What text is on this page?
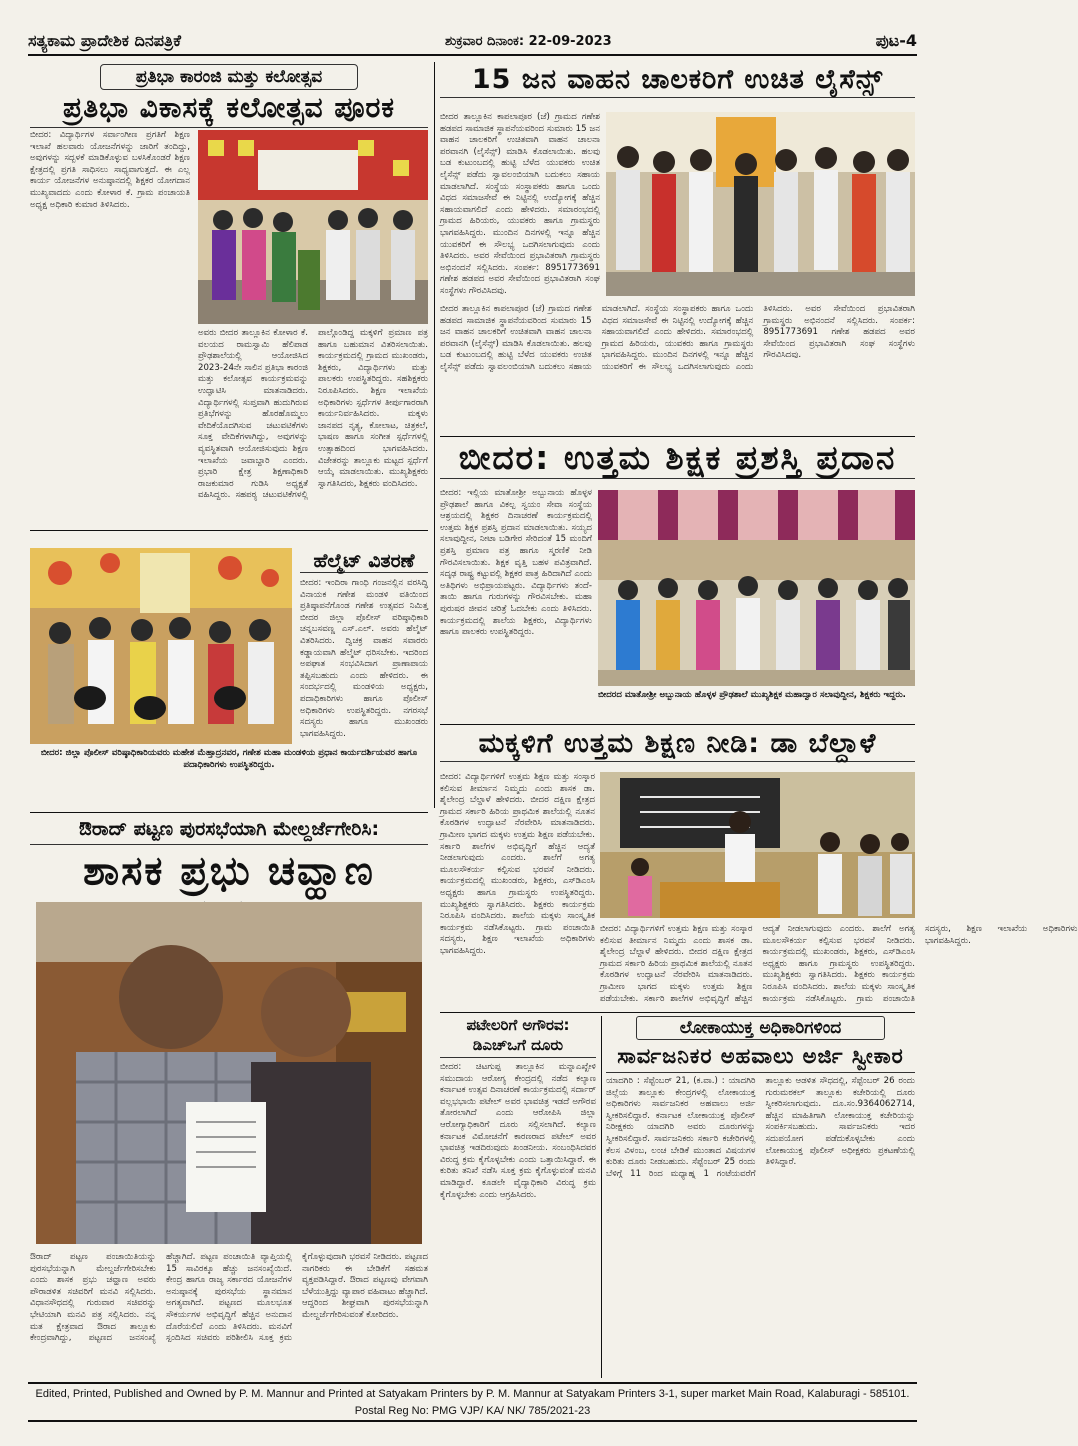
ಸತ್ಯಕಾಮ ಪ್ರಾದೇಶಿಕ ದಿನಪತ್ರಿಕೆ	ಶುಕ್ರವಾರ ದಿನಾಂಕ: 22-09-2023	ಪುಟ-4
ಪ್ರತಿಭಾ ಕಾರಂಜಿ ಮತ್ತು ಕಲೋತ್ಸವ
ಪ್ರತಿಭಾ ವಿಕಾಸಕ್ಕೆ ಕಲೋತ್ಸವ ಪೂರಕ
ಬೀದರ: ವಿದ್ಯಾರ್ಥಿಗಳ ಸರ್ವಾಂಗೀಣ ಪ್ರಗತಿಗೆ ಶಿಕ್ಷಣ ಇಲಾಖೆ ಹಲವಾರು ಯೋಜನೆಗಳನ್ನು ಜಾರಿಗೆ ತಂದಿದ್ದು, ಅವುಗಳನ್ನು ಸದ್ಬಳಕೆ ಮಾಡಿಕೊಳ್ಳುವ ಬಳಸಿಕೊಂಡರೆ ಶಿಕ್ಷಣ ಕ್ಷೇತ್ರದಲ್ಲಿ ಪ್ರಗತಿ ಸಾಧಿಸಲು ಸಾಧ್ಯವಾಗುತ್ತದೆ. ಈ ಎಲ್ಲ ಕಾರ್ಯ ಯೋಜನೆಗಳ ಅನುಷ್ಠಾನದಲ್ಲಿ ಶಿಕ್ಷಕರ ಯೋಗದಾನ ಮುಖ್ಯವಾದದು ಎಂದು ಕೋಳಾರ ಕೆ. ಗ್ರಾಮ ಪಂಚಾಯತಿ ಅಧ್ಯಕ್ಷ ಅಧಿಕಾರಿ ಕುಮಾರ ತಿಳಿಸಿದರು.
ಅವರು ಬೀದರ ತಾಲ್ಲೂಕಿನ ಕೋಳಾರ ಕೆ. ವಲಯದ ರಾಮಸ್ವಾಮಿ ಹೆಲಿಪಾಡ ಪ್ರೌಢಶಾಲೆಯಲ್ಲಿ ಆಯೋಜಿಸಿದ 2023-24ನೇ ಸಾಲಿನ ಪ್ರತಿಭಾ ಕಾರಂಜಿ ಮತ್ತು ಕಲೋತ್ಸವ ಕಾರ್ಯಕ್ರಮವನ್ನು ಉದ್ಘಾಟಿಸಿ ಮಾತನಾಡಿದರು. ವಿದ್ಯಾರ್ಥಿಗಳಲ್ಲಿ ಸುಪ್ತವಾಗಿ ಹುದುಗಿರುವ ಪ್ರತಿಭೆಗಳನ್ನು ಹೊರಹೊಮ್ಮಲು ವೇದಿಕೆಯೊದಗಿಸುವ ಚಟುವಟಿಕೆಗಳು ಸೂಕ್ತ ವೇದಿಕೆಗಳಾಗಿದ್ದು, ಅವುಗಳನ್ನು ವ್ಯವಸ್ಥಿತವಾಗಿ ಆಯೋಜಿಸುವುದು ಶಿಕ್ಷಣ ಇಲಾಖೆಯ ಜವಾಬ್ದಾರಿ ಎಂದರು. ಪ್ರಭಾರಿ ಕ್ಷೇತ್ರ ಶಿಕ್ಷಣಾಧಿಕಾರಿ ರಾಜಕುಮಾರ ಗುಡಿಸಿ ಅಧ್ಯಕ್ಷತೆ ವಹಿಸಿದ್ದರು. ಸಹಪಠ್ಯ ಚಟುವಟಿಕೆಗಳಲ್ಲಿ ಪಾಲ್ಗೊಂಡಿದ್ದ ಮಕ್ಕಳಿಗೆ ಪ್ರಮಾಣ ಪತ್ರ ಹಾಗೂ ಬಹುಮಾನ ವಿತರಿಸಲಾಯಿತು. ಕಾರ್ಯಕ್ರಮದಲ್ಲಿ ಗ್ರಾಮದ ಮುಖಂಡರು, ಶಿಕ್ಷಕರು, ವಿದ್ಯಾರ್ಥಿಗಳು ಮತ್ತು ಪಾಲಕರು ಉಪಸ್ಥಿತರಿದ್ದರು. ಸಹಶಿಕ್ಷಕರು ನಿರೂಪಿಸಿದರು. ಶಿಕ್ಷಣ ಇಲಾಖೆಯ ಅಧಿಕಾರಿಗಳು ಸ್ಪರ್ಧೆಗಳ ತೀರ್ಪುಗಾರರಾಗಿ ಕಾರ್ಯನಿರ್ವಹಿಸಿದರು. ಮಕ್ಕಳು ಜಾನಪದ ನೃತ್ಯ, ಕೋಲಾಟ, ಚಿತ್ರಕಲೆ, ಭಾಷಣ ಹಾಗೂ ಸಂಗೀತ ಸ್ಪರ್ಧೆಗಳಲ್ಲಿ ಉತ್ಸಾಹದಿಂದ ಭಾಗವಹಿಸಿದರು. ವಿಜೇತರನ್ನು ತಾಲ್ಲೂಕು ಮಟ್ಟದ ಸ್ಪರ್ಧೆಗೆ ಆಯ್ಕೆ ಮಾಡಲಾಯಿತು. ಮುಖ್ಯಶಿಕ್ಷಕರು ಸ್ವಾಗತಿಸಿದರು, ಶಿಕ್ಷಕರು ವಂದಿಸಿದರು.
ಹೆಲ್ಮೆಟ್ ವಿತರಣೆ
ಬೀದರ: ಇಂದಿರಾ ಗಾಂಧಿ ಗಂಜನಲ್ಲಿನ ವರಸಿದ್ಧಿ ವಿನಾಯಕ ಗಣೇಶ ಮಂಡಳಿ ವತಿಯಿಂದ ಪ್ರತಿಷ್ಠಾಪನೆಗೊಂಡ ಗಣೇಶ ಉತ್ಸವದ ನಿಮಿತ್ತ ಬೀದರ ಜಿಲ್ಲಾ ಪೊಲೀಸ್ ವರಿಷ್ಠಾಧಿಕಾರಿ ಚನ್ನಬಸವಣ್ಣ ಎಸ್.ಎಲ್. ಅವರು ಹೆಲ್ಮೆಟ್ ವಿತರಿಸಿದರು. ದ್ವಿಚಕ್ರ ವಾಹನ ಸವಾರರು ಕಡ್ಡಾಯವಾಗಿ ಹೆಲ್ಮೆಟ್ ಧರಿಸಬೇಕು. ಇದರಿಂದ ಅಪಘಾತ ಸಂಭವಿಸಿದಾಗ ಪ್ರಾಣಾಪಾಯ ತಪ್ಪಿಸಬಹುದು ಎಂದು ಹೇಳಿದರು. ಈ ಸಂದರ್ಭದಲ್ಲಿ ಮಂಡಳಿಯ ಅಧ್ಯಕ್ಷರು, ಪದಾಧಿಕಾರಿಗಳು ಹಾಗೂ ಪೊಲೀಸ್ ಅಧಿಕಾರಿಗಳು ಉಪಸ್ಥಿತರಿದ್ದರು. ನಗರಸಭೆ ಸದಸ್ಯರು ಹಾಗೂ ಮುಖಂಡರು ಭಾಗವಹಿಸಿದ್ದರು.
ಬೀದರ: ಜಿಲ್ಲಾ ಪೊಲೀಸ್ ವರಿಷ್ಠಾಧಿಕಾರಿಯವರು ಮಹೇಶ ಮೆಹ್ತಾದ್ರನವರ, ಗಣೇಶ ಮಹಾ ಮಂಡಳಿಯ ಪ್ರಧಾನ ಕಾರ್ಯದರ್ಶಿಯವರ ಹಾಗೂ ಪದಾಧಿಕಾರಿಗಳು ಉಪಸ್ಥಿತರಿದ್ದರು.
ಔರಾದ್ ಪಟ್ಟಣ ಪುರಸಭೆಯಾಗಿ ಮೇಲ್ದರ್ಜೆಗೇರಿಸಿ:
ಶಾಸಕ ಪ್ರಭು ಚವ್ಹಾಣ
ಔರಾದ್ ಪಟ್ಟಣ ಪಂಚಾಯಿತಿಯನ್ನು ಪುರಸಭೆಯನ್ನಾಗಿ ಮೇಲ್ದರ್ಜೆಗೇರಿಸಬೇಕು ಎಂದು ಶಾಸಕ ಪ್ರಭು ಚವ್ಹಾಣ ಅವರು ಪೌರಾಡಳಿತ ಸಚಿವರಿಗೆ ಮನವಿ ಸಲ್ಲಿಸಿದರು. ವಿಧಾನಸೌಧದಲ್ಲಿ ಗುರುವಾರ ಸಚಿವರನ್ನು ಭೇಟಿಯಾಗಿ ಮನವಿ ಪತ್ರ ಸಲ್ಲಿಸಿದರು. ನನ್ನ ಮತ ಕ್ಷೇತ್ರವಾದ ಔರಾದ ತಾಲ್ಲೂಕು ಕೇಂದ್ರವಾಗಿದ್ದು, ಪಟ್ಟಣದ ಜನಸಂಖ್ಯೆ ಹೆಚ್ಚಾಗಿದೆ. ಪಟ್ಟಣ ಪಂಚಾಯಿತಿ ವ್ಯಾಪ್ತಿಯಲ್ಲಿ 15 ಸಾವಿರಕ್ಕೂ ಹೆಚ್ಚು ಜನಸಂಖ್ಯೆಯಿದೆ. ಕೇಂದ್ರ ಹಾಗೂ ರಾಜ್ಯ ಸರ್ಕಾರದ ಯೋಜನೆಗಳ ಅನುಷ್ಠಾನಕ್ಕೆ ಪುರಸಭೆಯ ಸ್ಥಾನಮಾನ ಅಗತ್ಯವಾಗಿದೆ. ಪಟ್ಟಣದ ಮೂಲಭೂತ ಸೌಕರ್ಯಗಳ ಅಭಿವೃದ್ಧಿಗೆ ಹೆಚ್ಚಿನ ಅನುದಾನ ದೊರೆಯಲಿದೆ ಎಂದು ತಿಳಿಸಿದರು. ಮನವಿಗೆ ಸ್ಪಂದಿಸಿದ ಸಚಿವರು ಪರಿಶೀಲಿಸಿ ಸೂಕ್ತ ಕ್ರಮ ಕೈಗೊಳ್ಳುವುದಾಗಿ ಭರವಸೆ ನೀಡಿದರು. ಪಟ್ಟಣದ ನಾಗರಿಕರು ಈ ಬೇಡಿಕೆಗೆ ಸಹಮತ ವ್ಯಕ್ತಪಡಿಸಿದ್ದಾರೆ. ಔರಾದ ಪಟ್ಟಣವು ವೇಗವಾಗಿ ಬೆಳೆಯುತ್ತಿದ್ದು ವ್ಯಾಪಾರ ವಹಿವಾಟು ಹೆಚ್ಚಾಗಿದೆ. ಆದ್ದರಿಂದ ಶೀಘ್ರವಾಗಿ ಪುರಸಭೆಯನ್ನಾಗಿ ಮೇಲ್ದರ್ಜೆಗೇರಿಸುವಂತೆ ಕೋರಿದರು.
15 ಜನ ವಾಹನ ಚಾಲಕರಿಗೆ ಉಚಿತ ಲೈಸೆನ್ಸ್
ಬೀದರ ತಾಲ್ಲೂಕಿನ ಕಾಪಲಾಪೂರ (ಜೆ) ಗ್ರಾಮದ ಗಣೇಶ ಹಡಪದ ಸಾಮಾಜಿಕ ಸ್ಥಾಪನೆಯವರಿಂದ ಸುಮಾರು 15 ಜನ ವಾಹನ ಚಾಲಕರಿಗೆ ಉಚಿತವಾಗಿ ವಾಹನ ಚಾಲನಾ ಪರವಾನಗಿ (ಲೈಸೆನ್ಸ್) ಮಾಡಿಸಿ ಕೊಡಲಾಯಿತು. ಹಲವು ಬಡ ಕುಟುಂಬದಲ್ಲಿ ಹುಟ್ಟಿ ಬೆಳೆದ ಯುವಕರು ಉಚಿತ ಲೈಸೆನ್ಸ್ ಪಡೆದು ಸ್ವಾವಲಂಬಿಯಾಗಿ ಬದುಕಲು ಸಹಾಯ ಮಾಡಲಾಗಿದೆ. ಸಂಸ್ಥೆಯ ಸಂಸ್ಥಾಪಕರು ಹಾಗೂ ಒಂದು ವಿಧದ ಸಮಾಜಸೇವೆ ಈ ನಿಟ್ಟಿನಲ್ಲಿ ಉದ್ಯೋಗಕ್ಕೆ ಹೆಚ್ಚಿನ ಸಹಾಯವಾಗಲಿದೆ ಎಂದು ಹೇಳಿದರು. ಸಮಾರಂಭದಲ್ಲಿ ಗ್ರಾಮದ ಹಿರಿಯರು, ಯುವಕರು ಹಾಗೂ ಗ್ರಾಮಸ್ಥರು ಭಾಗವಹಿಸಿದ್ದರು. ಮುಂದಿನ ದಿನಗಳಲ್ಲಿ ಇನ್ನೂ ಹೆಚ್ಚಿನ ಯುವಕರಿಗೆ ಈ ಸೌಲಭ್ಯ ಒದಗಿಸಲಾಗುವುದು ಎಂದು ತಿಳಿಸಿದರು. ಅವರ ಸೇವೆಯಿಂದ ಪ್ರಭಾವಿತರಾಗಿ ಗ್ರಾಮಸ್ಥರು ಅಭಿನಂದನೆ ಸಲ್ಲಿಸಿದರು. ಸಂಪರ್ಕ: 8951773691 ಗಣೇಶ ಹಡಪದ ಅವರ ಸೇವೆಯಿಂದ ಪ್ರಭಾವಿತರಾಗಿ ಸಂಘ ಸಂಸ್ಥೆಗಳು ಗೌರವಿಸಿದವು.
ಬೀದರ ತಾಲ್ಲೂಕಿನ ಕಾಪಲಾಪೂರ (ಜೆ) ಗ್ರಾಮದ ಗಣೇಶ ಹಡಪದ ಸಾಮಾಜಿಕ ಸ್ಥಾಪನೆಯವರಿಂದ ಸುಮಾರು 15 ಜನ ವಾಹನ ಚಾಲಕರಿಗೆ ಉಚಿತವಾಗಿ ವಾಹನ ಚಾಲನಾ ಪರವಾನಗಿ (ಲೈಸೆನ್ಸ್) ಮಾಡಿಸಿ ಕೊಡಲಾಯಿತು. ಹಲವು ಬಡ ಕುಟುಂಬದಲ್ಲಿ ಹುಟ್ಟಿ ಬೆಳೆದ ಯುವಕರು ಉಚಿತ ಲೈಸೆನ್ಸ್ ಪಡೆದು ಸ್ವಾವಲಂಬಿಯಾಗಿ ಬದುಕಲು ಸಹಾಯ ಮಾಡಲಾಗಿದೆ. ಸಂಸ್ಥೆಯ ಸಂಸ್ಥಾಪಕರು ಹಾಗೂ ಒಂದು ವಿಧದ ಸಮಾಜಸೇವೆ ಈ ನಿಟ್ಟಿನಲ್ಲಿ ಉದ್ಯೋಗಕ್ಕೆ ಹೆಚ್ಚಿನ ಸಹಾಯವಾಗಲಿದೆ ಎಂದು ಹೇಳಿದರು. ಸಮಾರಂಭದಲ್ಲಿ ಗ್ರಾಮದ ಹಿರಿಯರು, ಯುವಕರು ಹಾಗೂ ಗ್ರಾಮಸ್ಥರು ಭಾಗವಹಿಸಿದ್ದರು. ಮುಂದಿನ ದಿನಗಳಲ್ಲಿ ಇನ್ನೂ ಹೆಚ್ಚಿನ ಯುವಕರಿಗೆ ಈ ಸೌಲಭ್ಯ ಒದಗಿಸಲಾಗುವುದು ಎಂದು ತಿಳಿಸಿದರು. ಅವರ ಸೇವೆಯಿಂದ ಪ್ರಭಾವಿತರಾಗಿ ಗ್ರಾಮಸ್ಥರು ಅಭಿನಂದನೆ ಸಲ್ಲಿಸಿದರು. ಸಂಪರ್ಕ: 8951773691 ಗಣೇಶ ಹಡಪದ ಅವರ ಸೇವೆಯಿಂದ ಪ್ರಭಾವಿತರಾಗಿ ಸಂಘ ಸಂಸ್ಥೆಗಳು ಗೌರವಿಸಿದವು.
ಬೀದರ: ಉತ್ತಮ ಶಿಕ್ಷಕ ಪ್ರಶಸ್ತಿ ಪ್ರದಾನ
ಬೀದರ: ಇಲ್ಲಿಯ ಮಾತೋಶ್ರೀ ಅಬ್ಬುನಾಯ ಹೊಳ್ಳಳ ಪ್ರೌಢಶಾಲೆ ಹಾಗೂ ವಿಕಲ್ಪ ಸ್ವಯಂ ಸೇವಾ ಸಂಸ್ಥೆಯ ಆಶ್ರಯದಲ್ಲಿ ಶಿಕ್ಷಕರ ದಿನಾಚರಣೆ ಕಾರ್ಯಕ್ರಮದಲ್ಲಿ ಉತ್ತಮ ಶಿಕ್ಷಕ ಪ್ರಶಸ್ತಿ ಪ್ರದಾನ ಮಾಡಲಾಯಿತು. ಸಯ್ಯದ ಸಲಾವುದ್ದೀನ, ನೀಟಾ ಬಡಿಗೇರ ಸೇರಿದಂತೆ 15 ಮಂದಿಗೆ ಪ್ರಶಸ್ತಿ ಪ್ರಮಾಣ ಪತ್ರ ಹಾಗೂ ಸ್ಮರಣಿಕೆ ನೀಡಿ ಗೌರವಿಸಲಾಯಿತು. ಶಿಕ್ಷಕ ವೃತ್ತಿ ಬಹಳ ಪವಿತ್ರವಾಗಿದೆ. ಸದೃಢ ರಾಷ್ಟ್ರ ಕಟ್ಟುವಲ್ಲಿ ಶಿಕ್ಷಕರ ಪಾತ್ರ ಹಿರಿದಾಗಿದೆ ಎಂದು ಅತಿಥಿಗಳು ಅಭಿಪ್ರಾಯಪಟ್ಟರು. ವಿದ್ಯಾರ್ಥಿಗಳು ತಂದೆ-ತಾಯಿ ಹಾಗೂ ಗುರುಗಳನ್ನು ಗೌರವಿಸಬೇಕು. ಮಹಾ ಪುರುಷರ ಜೀವನ ಚರಿತ್ರೆ ಓದಬೇಕು ಎಂದು ತಿಳಿಸಿದರು. ಕಾರ್ಯಕ್ರಮದಲ್ಲಿ ಶಾಲೆಯ ಶಿಕ್ಷಕರು, ವಿದ್ಯಾರ್ಥಿಗಳು ಹಾಗೂ ಪಾಲಕರು ಉಪಸ್ಥಿತರಿದ್ದರು.
ಬೀದರದ ಮಾತೋಶ್ರೀ ಅಬ್ಬುನಾಯ ಹೊಳ್ಳಳ ಪ್ರೌಢಶಾಲೆ ಮುಖ್ಯಶಿಕ್ಷಕ ಮಹಾದ್ವಾರ ಸಲಾವುದ್ದೀನ, ಶಿಕ್ಷಕರು ಇದ್ದರು.
ಮಕ್ಕಳಿಗೆ ಉತ್ತಮ ಶಿಕ್ಷಣ ನೀಡಿ: ಡಾ ಬೆಲ್ದಾಳೆ
ಬೀದರ: ವಿದ್ಯಾರ್ಥಿಗಳಿಗೆ ಉತ್ತಮ ಶಿಕ್ಷಣ ಮತ್ತು ಸಂಸ್ಕಾರ ಕಲಿಸುವ ತೀರ್ಮಾನ ನಿಮ್ಮದು ಎಂದು ಶಾಸಕ ಡಾ. ಶೈಲೇಂದ್ರ ಬೆಲ್ದಾಳೆ ಹೇಳಿದರು. ಬೀದರ ದಕ್ಷಿಣ ಕ್ಷೇತ್ರದ ಗ್ರಾಮದ ಸರ್ಕಾರಿ ಹಿರಿಯ ಪ್ರಾಥಮಿಕ ಶಾಲೆಯಲ್ಲಿ ನೂತನ ಕೊಠಡಿಗಳ ಉದ್ಘಾಟನೆ ನೆರವೇರಿಸಿ ಮಾತನಾಡಿದರು. ಗ್ರಾಮೀಣ ಭಾಗದ ಮಕ್ಕಳು ಉತ್ತಮ ಶಿಕ್ಷಣ ಪಡೆಯಬೇಕು. ಸರ್ಕಾರಿ ಶಾಲೆಗಳ ಅಭಿವೃದ್ಧಿಗೆ ಹೆಚ್ಚಿನ ಆದ್ಯತೆ ನೀಡಲಾಗುವುದು ಎಂದರು. ಶಾಲೆಗೆ ಅಗತ್ಯ ಮೂಲಸೌಕರ್ಯ ಕಲ್ಪಿಸುವ ಭರವಸೆ ನೀಡಿದರು. ಕಾರ್ಯಕ್ರಮದಲ್ಲಿ ಮುಖಂಡರು, ಶಿಕ್ಷಕರು, ಎಸ್‌ಡಿಎಂಸಿ ಅಧ್ಯಕ್ಷರು ಹಾಗೂ ಗ್ರಾಮಸ್ಥರು ಉಪಸ್ಥಿತರಿದ್ದರು. ಮುಖ್ಯಶಿಕ್ಷಕರು ಸ್ವಾಗತಿಸಿದರು. ಶಿಕ್ಷಕರು ಕಾರ್ಯಕ್ರಮ ನಿರೂಪಿಸಿ ವಂದಿಸಿದರು. ಶಾಲೆಯ ಮಕ್ಕಳು ಸಾಂಸ್ಕೃತಿಕ ಕಾರ್ಯಕ್ರಮ ನಡೆಸಿಕೊಟ್ಟರು. ಗ್ರಾಮ ಪಂಚಾಯಿತಿ ಸದಸ್ಯರು, ಶಿಕ್ಷಣ ಇಲಾಖೆಯ ಅಧಿಕಾರಿಗಳು ಭಾಗವಹಿಸಿದ್ದರು.
ಬೀದರ: ವಿದ್ಯಾರ್ಥಿಗಳಿಗೆ ಉತ್ತಮ ಶಿಕ್ಷಣ ಮತ್ತು ಸಂಸ್ಕಾರ ಕಲಿಸುವ ತೀರ್ಮಾನ ನಿಮ್ಮದು ಎಂದು ಶಾಸಕ ಡಾ. ಶೈಲೇಂದ್ರ ಬೆಲ್ದಾಳೆ ಹೇಳಿದರು. ಬೀದರ ದಕ್ಷಿಣ ಕ್ಷೇತ್ರದ ಗ್ರಾಮದ ಸರ್ಕಾರಿ ಹಿರಿಯ ಪ್ರಾಥಮಿಕ ಶಾಲೆಯಲ್ಲಿ ನೂತನ ಕೊಠಡಿಗಳ ಉದ್ಘಾಟನೆ ನೆರವೇರಿಸಿ ಮಾತನಾಡಿದರು. ಗ್ರಾಮೀಣ ಭಾಗದ ಮಕ್ಕಳು ಉತ್ತಮ ಶಿಕ್ಷಣ ಪಡೆಯಬೇಕು. ಸರ್ಕಾರಿ ಶಾಲೆಗಳ ಅಭಿವೃದ್ಧಿಗೆ ಹೆಚ್ಚಿನ ಆದ್ಯತೆ ನೀಡಲಾಗುವುದು ಎಂದರು. ಶಾಲೆಗೆ ಅಗತ್ಯ ಮೂಲಸೌಕರ್ಯ ಕಲ್ಪಿಸುವ ಭರವಸೆ ನೀಡಿದರು. ಕಾರ್ಯಕ್ರಮದಲ್ಲಿ ಮುಖಂಡರು, ಶಿಕ್ಷಕರು, ಎಸ್‌ಡಿಎಂಸಿ ಅಧ್ಯಕ್ಷರು ಹಾಗೂ ಗ್ರಾಮಸ್ಥರು ಉಪಸ್ಥಿತರಿದ್ದರು. ಮುಖ್ಯಶಿಕ್ಷಕರು ಸ್ವಾಗತಿಸಿದರು. ಶಿಕ್ಷಕರು ಕಾರ್ಯಕ್ರಮ ನಿರೂಪಿಸಿ ವಂದಿಸಿದರು. ಶಾಲೆಯ ಮಕ್ಕಳು ಸಾಂಸ್ಕೃತಿಕ ಕಾರ್ಯಕ್ರಮ ನಡೆಸಿಕೊಟ್ಟರು. ಗ್ರಾಮ ಪಂಚಾಯಿತಿ ಸದಸ್ಯರು, ಶಿಕ್ಷಣ ಇಲಾಖೆಯ ಅಧಿಕಾರಿಗಳು ಭಾಗವಹಿಸಿದ್ದರು.
ಪಟೇಲರಿಗೆ ಅಗೌರವ:
ಡಿಎಚ್‌ಒಗೆ ದೂರು
ಬೀದರ: ಚಿಟಗುಪ್ಪ ತಾಲ್ಲೂಕಿನ ಮನ್ನಾಎಖ್ಖೇಳಿ ಸಮುದಾಯ ಆರೋಗ್ಯ ಕೇಂದ್ರದಲ್ಲಿ ನಡೆದ ಕಲ್ಯಾಣ ಕರ್ನಾಟಕ ಉತ್ಸವ ದಿನಾಚರಣೆ ಕಾರ್ಯಕ್ರಮದಲ್ಲಿ ಸರ್ದಾರ್ ವಲ್ಲಭಭಾಯಿ ಪಟೇಲ್ ಅವರ ಭಾವಚಿತ್ರ ಇಡದೆ ಅಗೌರವ ತೋರಲಾಗಿದೆ ಎಂದು ಆರೋಪಿಸಿ ಜಿಲ್ಲಾ ಆರೋಗ್ಯಾಧಿಕಾರಿಗೆ ದೂರು ಸಲ್ಲಿಸಲಾಗಿದೆ. ಕಲ್ಯಾಣ ಕರ್ನಾಟಕ ವಿಮೋಚನೆಗೆ ಕಾರಣರಾದ ಪಟೇಲ್ ಅವರ ಭಾವಚಿತ್ರ ಇಡದಿರುವುದು ಖಂಡನೀಯ. ಸಂಬಂಧಿಸಿದವರ ವಿರುದ್ಧ ಕ್ರಮ ಕೈಗೊಳ್ಳಬೇಕು ಎಂದು ಒತ್ತಾಯಿಸಿದ್ದಾರೆ. ಈ ಕುರಿತು ತನಿಖೆ ನಡೆಸಿ ಸೂಕ್ತ ಕ್ರಮ ಕೈಗೊಳ್ಳುವಂತೆ ಮನವಿ ಮಾಡಿದ್ದಾರೆ. ಕೂಡಲೇ ವೈದ್ಯಾಧಿಕಾರಿ ವಿರುದ್ಧ ಕ್ರಮ ಕೈಗೊಳ್ಳಬೇಕು ಎಂದು ಆಗ್ರಹಿಸಿದರು.
ಲೋಕಾಯುಕ್ತ ಅಧಿಕಾರಿಗಳಿಂದ
ಸಾರ್ವಜನಿಕರ ಅಹವಾಲು ಅರ್ಜಿ ಸ್ವೀಕಾರ
ಯಾದಗಿರಿ : ಸೆಪ್ಟೆಂಬರ್ 21, (ಕ.ವಾ.) : ಯಾದಗಿರಿ ಜಿಲ್ಲೆಯ ತಾಲ್ಲೂಕು ಕೇಂದ್ರಗಳಲ್ಲಿ ಲೋಕಾಯುಕ್ತ ಅಧಿಕಾರಿಗಳು ಸಾರ್ವಜನಿಕರ ಅಹವಾಲು ಅರ್ಜಿ ಸ್ವೀಕರಿಸಲಿದ್ದಾರೆ. ಕರ್ನಾಟಕ ಲೋಕಾಯುಕ್ತ ಪೊಲೀಸ್ ನಿರೀಕ್ಷಕರು ಯಾದಗಿರಿ ಅವರು ದೂರುಗಳನ್ನು ಸ್ವೀಕರಿಸಲಿದ್ದಾರೆ. ಸಾರ್ವಜನಿಕರು ಸರ್ಕಾರಿ ಕಚೇರಿಗಳಲ್ಲಿ ಕೆಲಸ ವಿಳಂಬ, ಲಂಚ ಬೇಡಿಕೆ ಮುಂತಾದ ವಿಷಯಗಳ ಕುರಿತು ದೂರು ನೀಡಬಹುದು. ಸೆಪ್ಟೆಂಬರ್ 25 ರಂದು ಬೆಳಿಗ್ಗೆ 11 ರಿಂದ ಮಧ್ಯಾಹ್ನ 1 ಗಂಟೆಯವರೆಗೆ ತಾಲ್ಲೂಕು ಆಡಳಿತ ಸೌಧದಲ್ಲಿ, ಸೆಪ್ಟೆಂಬರ್ 26 ರಂದು ಗುರುಮಠಕಲ್ ತಾಲ್ಲೂಕು ಕಚೇರಿಯಲ್ಲಿ ದೂರು ಸ್ವೀಕರಿಸಲಾಗುವುದು. ದೂ.ಸಂ.9364062714, ಹೆಚ್ಚಿನ ಮಾಹಿತಿಗಾಗಿ ಲೋಕಾಯುಕ್ತ ಕಚೇರಿಯನ್ನು ಸಂಪರ್ಕಿಸಬಹುದು. ಸಾರ್ವಜನಿಕರು ಇದರ ಸದುಪಯೋಗ ಪಡೆದುಕೊಳ್ಳಬೇಕು ಎಂದು ಲೋಕಾಯುಕ್ತ ಪೊಲೀಸ್ ಅಧೀಕ್ಷಕರು ಪ್ರಕಟಣೆಯಲ್ಲಿ ತಿಳಿಸಿದ್ದಾರೆ.
Edited, Printed, Published and Owned by P. M. Mannur and Printed at Satyakam Printers by P. M. Mannur at Satyakam Printers 3-1, super market Main Road, Kalaburagi - 585101.
Postal Reg No: PMG VJP/ KA/ NK/ 785/2021-23
